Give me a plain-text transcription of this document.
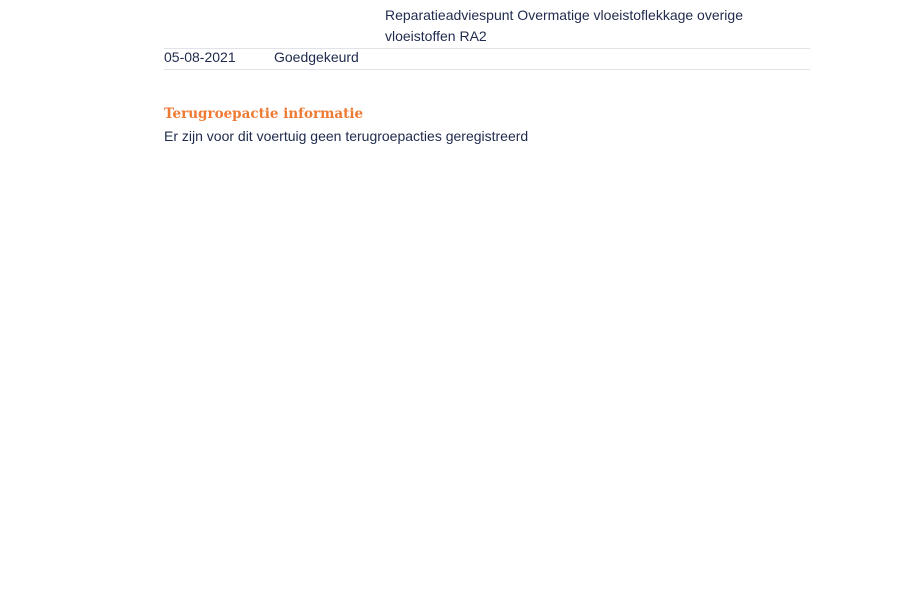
Reparatieadviespunt Overmatige vloeistoflekkage overige vloeistoffen RA2
05-08-2021	Goedgekeurd
Terugroepactie informatie

Er zijn voor dit voertuig geen terugroepacties geregistreerd
